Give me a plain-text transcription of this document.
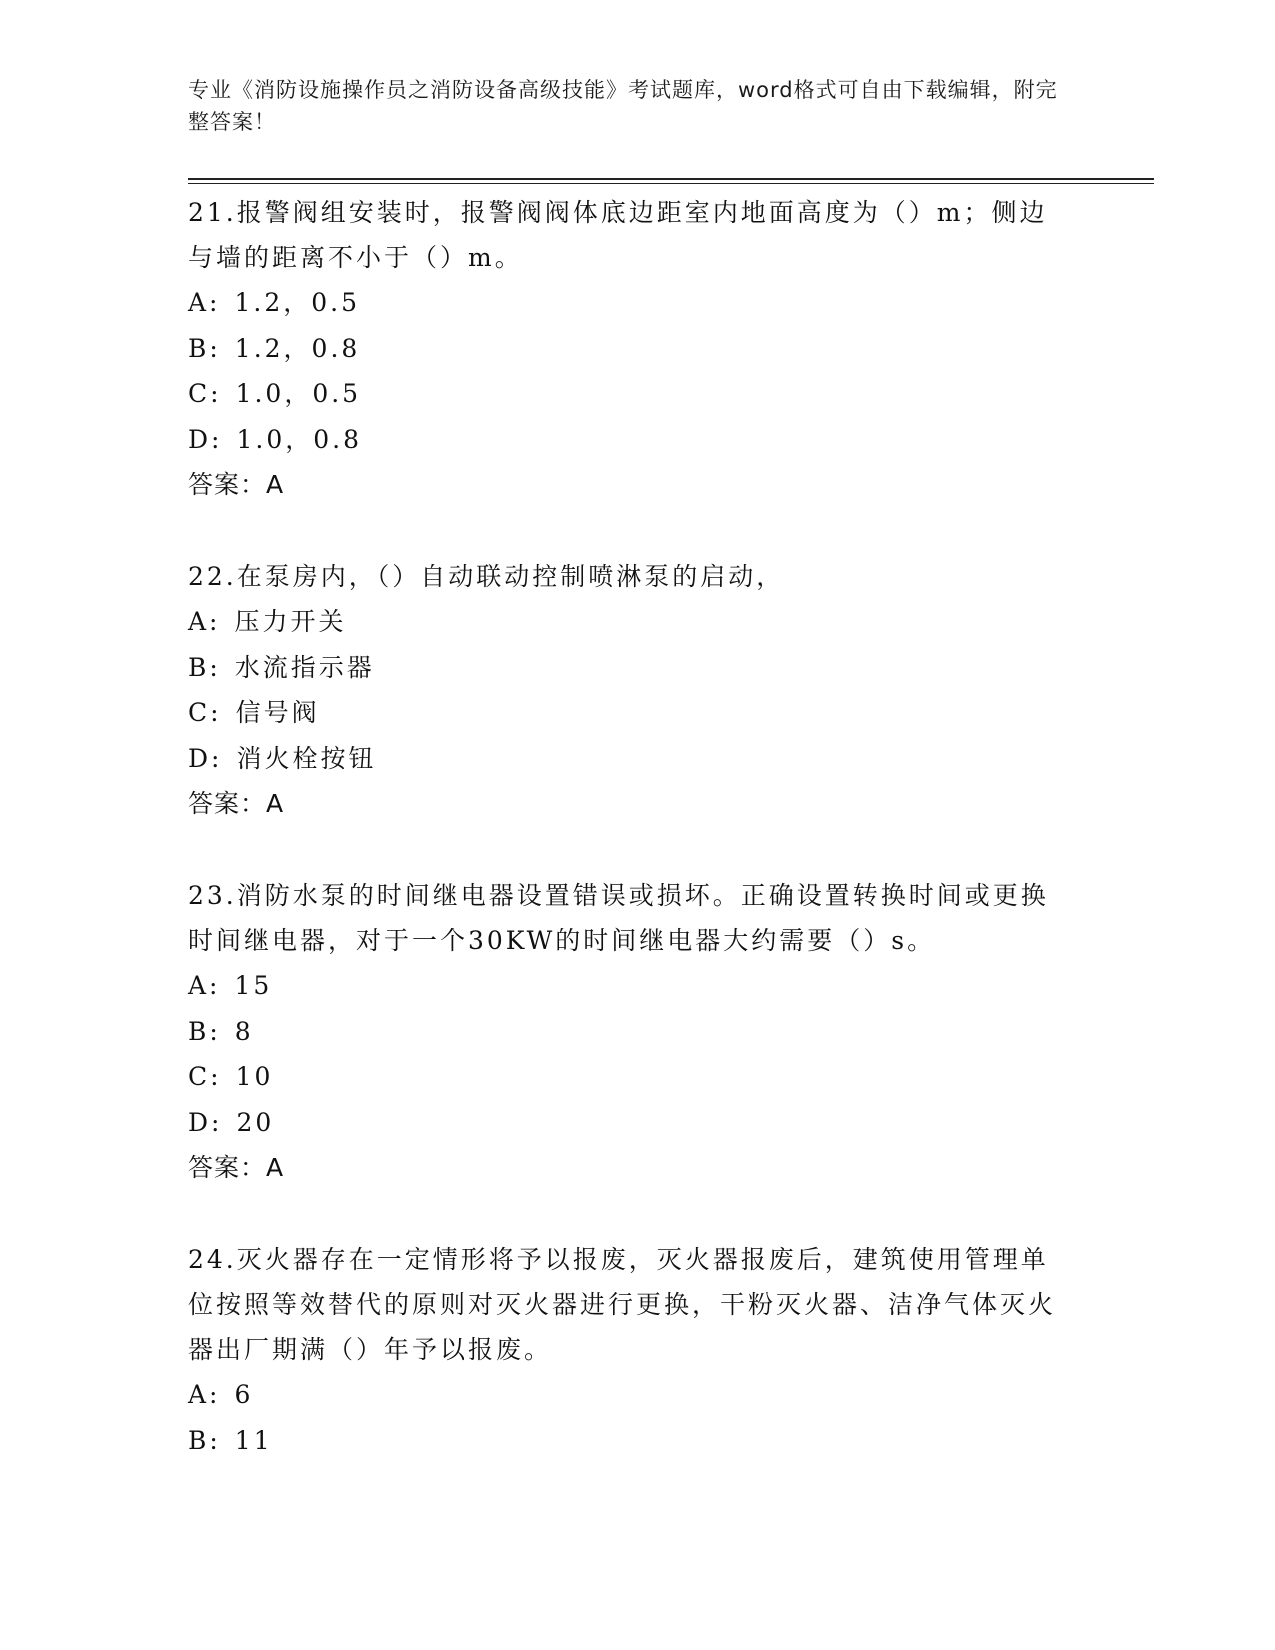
专业《消防设施操作员之消防设备高级技能》考试题库，word格式可自由下载编辑，附完整答案！
21.报警阀组安装时，报警阀阀体底边距室内地面高度为（）m；侧边与墙的距离不小于（）m。
A: 1.2，0.5
B: 1.2，0.8
C: 1.0，0.5
D: 1.0，0.8
答案：A
22.在泵房内，（）自动联动控制喷淋泵的启动，
A: 压力开关
B: 水流指示器
C: 信号阀
D: 消火栓按钮
答案：A
23.消防水泵的时间继电器设置错误或损坏。正确设置转换时间或更换时间继电器，对于一个30KW的时间继电器大约需要（）s。
A: 15
B: 8
C: 10
D: 20
答案：A
24.灭火器存在一定情形将予以报废，灭火器报废后，建筑使用管理单位按照等效替代的原则对灭火器进行更换，干粉灭火器、洁净气体灭火器出厂期满（）年予以报废。
A: 6
B: 11
